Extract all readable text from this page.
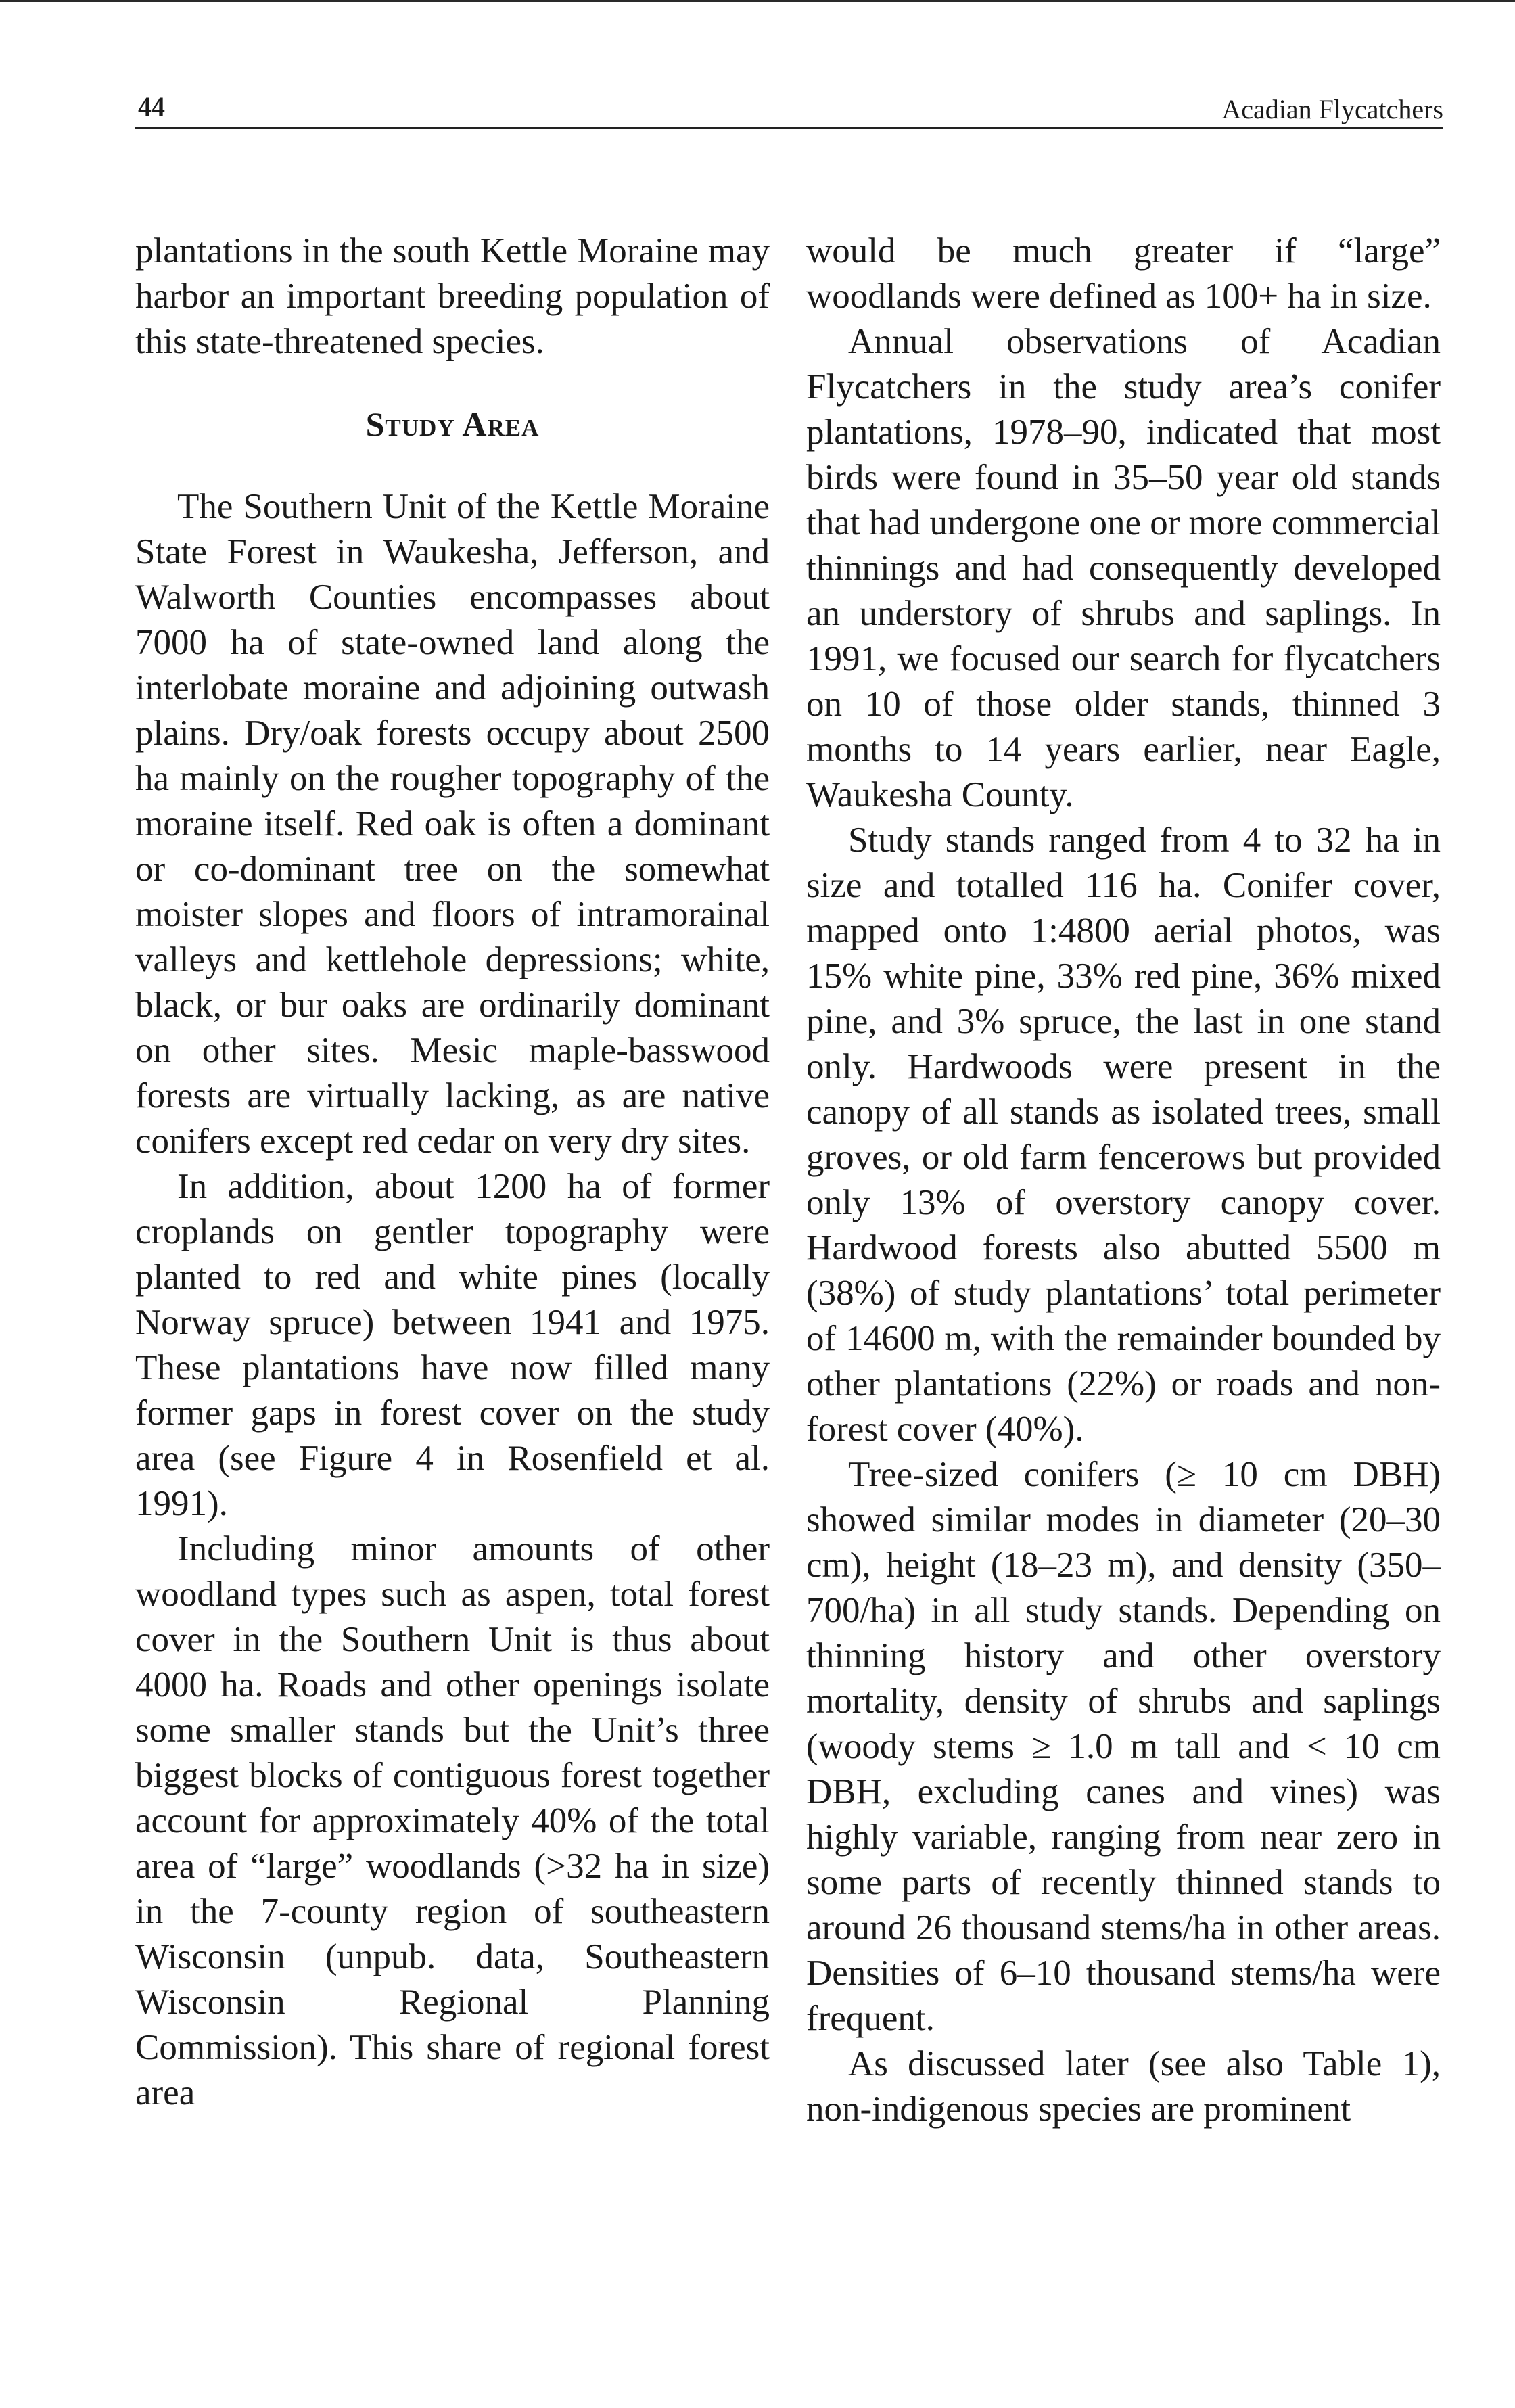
44	Acadian Flycatchers

plantations in the south Kettle Moraine may harbor an important breeding population of this state-threatened species.

Study Area

The Southern Unit of the Kettle Moraine State Forest in Waukesha, Jefferson, and Walworth Counties encompasses about 7000 ha of state-owned land along the interlobate moraine and adjoining outwash plains. Dry/oak forests occupy about 2500 ha mainly on the rougher topography of the moraine itself. Red oak is often a dominant or co-dominant tree on the somewhat moister slopes and floors of intramorainal valleys and kettlehole depressions; white, black, or bur oaks are ordinarily dominant on other sites. Mesic maple-basswood forests are virtually lacking, as are native conifers except red cedar on very dry sites.

In addition, about 1200 ha of former croplands on gentler topography were planted to red and white pines (locally Norway spruce) between 1941 and 1975. These plantations have now filled many former gaps in forest cover on the study area (see Figure 4 in Rosenfield et al. 1991).

Including minor amounts of other woodland types such as aspen, total forest cover in the Southern Unit is thus about 4000 ha. Roads and other openings isolate some smaller stands but the Unit’s three biggest blocks of contiguous forest together account for approximately 40% of the total area of “large” woodlands (>32 ha in size) in the 7-county region of southeastern Wisconsin (unpub. data, Southeastern Wisconsin Regional Planning Commission). This share of regional forest area

would be much greater if “large” woodlands were defined as 100+ ha in size.

Annual observations of Acadian Flycatchers in the study area’s conifer plantations, 1978–90, indicated that most birds were found in 35–50 year old stands that had undergone one or more commercial thinnings and had consequently developed an understory of shrubs and saplings. In 1991, we focused our search for flycatchers on 10 of those older stands, thinned 3 months to 14 years earlier, near Eagle, Waukesha County.

Study stands ranged from 4 to 32 ha in size and totalled 116 ha. Conifer cover, mapped onto 1:4800 aerial photos, was 15% white pine, 33% red pine, 36% mixed pine, and 3% spruce, the last in one stand only. Hardwoods were present in the canopy of all stands as isolated trees, small groves, or old farm fencerows but provided only 13% of overstory canopy cover. Hardwood forests also abutted 5500 m (38%) of study plantations’ total perimeter of 14600 m, with the remainder bounded by other plantations (22%) or roads and non-forest cover (40%).

Tree-sized conifers (≥ 10 cm DBH) showed similar modes in diameter (20–30 cm), height (18–23 m), and density (350–700/ha) in all study stands. Depending on thinning history and other overstory mortality, density of shrubs and saplings (woody stems ≥ 1.0 m tall and < 10 cm DBH, excluding canes and vines) was highly variable, ranging from near zero in some parts of recently thinned stands to around 26 thousand stems/ha in other areas. Densities of 6–10 thousand stems/ha were frequent.

As discussed later (see also Table 1), non-indigenous species are prominent
